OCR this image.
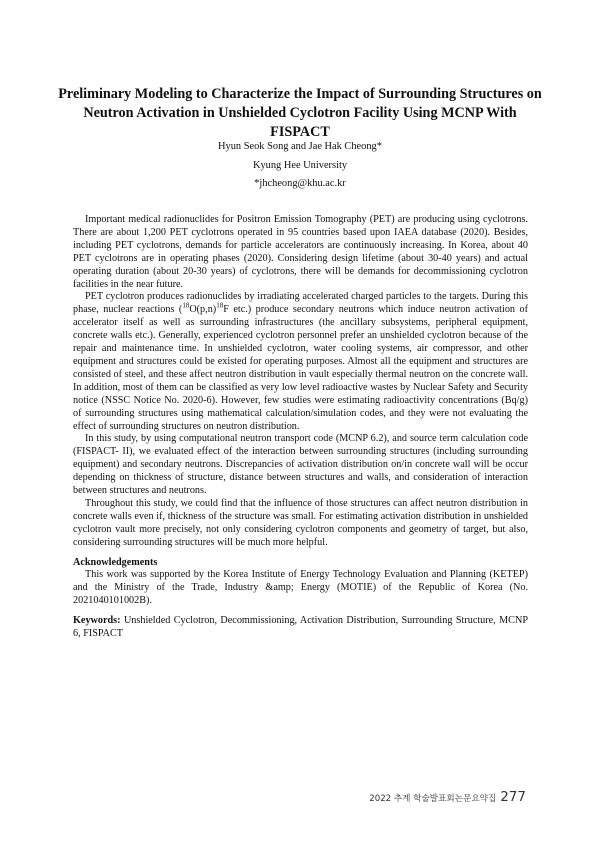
Preliminary Modeling to Characterize the Impact of Surrounding Structures on
Neutron Activation in Unshielded Cyclotron Facility Using MCNP With FISPACT
Hyun Seok Song and Jae Hak Cheong*
Kyung Hee University
*jhcheong@khu.ac.kr

Important medical radionuclides for Positron Emission Tomography (PET) are producing using cyclotrons. There are about 1,200 PET cyclotrons operated in 95 countries based upon IAEA database (2020). Besides, including PET cyclotrons, demands for particle accelerators are continuously increasing. In Korea, about 40 PET cyclotrons are in operating phases (2020). Considering design lifetime (about 30-40 years) and actual operating duration (about 20-30 years) of cyclotrons, there will be demands for decommissioning cyclotron facilities in the near future.

PET cyclotron produces radionuclides by irradiating accelerated charged particles to the targets. During this phase, nuclear reactions ($^{18}O(p,n)^{18}F$ etc.) produce secondary neutrons which induce neutron activation of accelerator itself as well as surrounding infrastructures (the ancillary subsystems, peripheral equipment, concrete walls etc.). Generally, experienced cyclotron personnel prefer an unshielded cyclotron because of the repair and maintenance time. In unshielded cyclotron, water cooling systems, air compressor, and other equipment and structures could be existed for operating purposes. Almost all the equipment and structures are consisted of steel, and these affect neutron distribution in vault especially thermal neutron on the concrete wall. In addition, most of them can be classified as very low level radioactive wastes by Nuclear Safety and Security notice (NSSC Notice No. 2020-6). However, few studies were estimating radioactivity concentrations (Bq/g) of surrounding structures using mathematical calculation/simulation codes, and they were not evaluating the effect of surrounding structures on neutron distribution.

In this study, by using computational neutron transport code (MCNP 6.2), and source term calculation code (FISPACT- II), we evaluated effect of the interaction between surrounding structures (including surrounding equipment) and secondary neutrons. Discrepancies of activation distribution on/in concrete wall will be occur depending on thickness of structure, distance between structures and walls, and consideration of interaction between structures and neutrons.

Throughout this study, we could find that the influence of those structures can affect neutron distribution in concrete walls even if, thickness of the structure was small. For estimating activation distribution in unshielded cyclotron vault more precisely, not only considering cyclotron components and geometry of target, but also, considering surrounding structures will be much more helpful.

Acknowledgements

This work was supported by the Korea Institute of Energy Technology Evaluation and Planning (KETEP) and the Ministry of the Trade, Industry &amp; Energy (MOTIE) of the Republic of Korea (No. 2021040101002B).

Keywords: Unshielded Cyclotron, Decommissioning, Activation Distribution, Surrounding Structure, MCNP 6, FISPACT

2022 추계 학술발표회논문요약집 277
